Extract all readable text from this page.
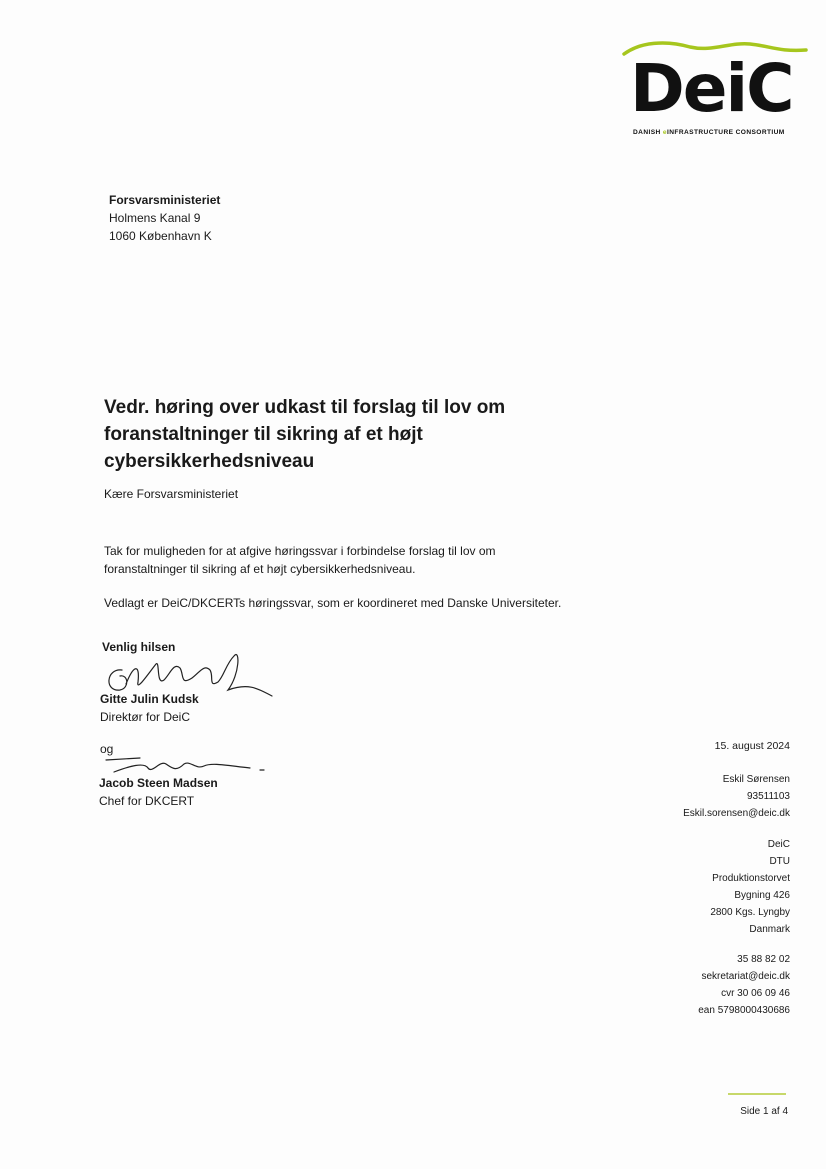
DeiC
DANISH eINFRASTRUCTURE CONSORTIUM
Forsvarsministeriet
Holmens Kanal 9
1060 København K
Vedr. høring over udkast til forslag til lov om foranstaltninger til sikring af et højt cybersikkerhedsniveau
Kære Forsvarsministeriet
Tak for muligheden for at afgive høringssvar i forbindelse forslag til lov om foranstaltninger til sikring af et højt cybersikkerhedsniveau.
Vedlagt er DeiC/DKCERTs høringssvar, som er koordineret med Danske Universiteter.
Venlig hilsen
Gitte Julin Kudsk
Direktør for DeiC
og
Jacob Steen Madsen
Chef for DKCERT
15. august 2024
Eskil Sørensen
93511103
Eskil.sorensen@deic.dk
DeiC
DTU
Produktionstorvet
Bygning 426
2800 Kgs. Lyngby
Danmark
35 88 82 02
sekretariat@deic.dk
cvr 30 06 09 46
ean 5798000430686
Side 1 af 4
